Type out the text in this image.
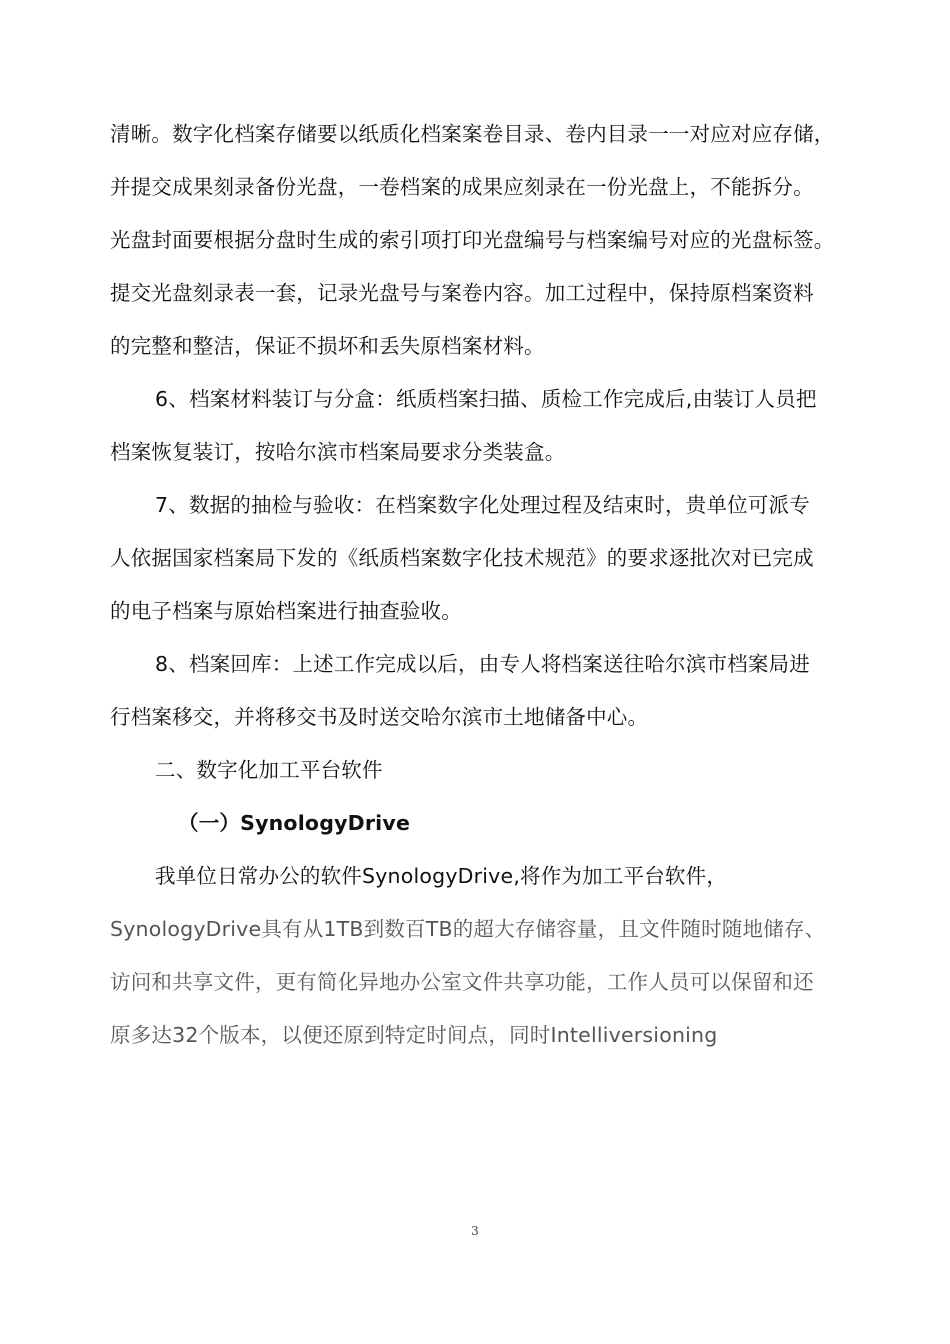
清晰。数字化档案存储要以纸质化档案案卷目录、卷内目录一一对应对应存储，
并提交成果刻录备份光盘，一卷档案的成果应刻录在一份光盘上，不能拆分。
光盘封面要根据分盘时生成的索引项打印光盘编号与档案编号对应的光盘标签。
提交光盘刻录表一套，记录光盘号与案卷内容。加工过程中，保持原档案资料
的完整和整洁，保证不损坏和丢失原档案材料。
6、档案材料装订与分盒：纸质档案扫描、质检工作完成后,由装订人员把
档案恢复装订，按哈尔滨市档案局要求分类装盒。
7、数据的抽检与验收：在档案数字化处理过程及结束时，贵单位可派专
人依据国家档案局下发的《纸质档案数字化技术规范》的要求逐批次对已完成
的电子档案与原始档案进行抽查验收。
8、档案回库：上述工作完成以后，由专人将档案送往哈尔滨市档案局进
行档案移交，并将移交书及时送交哈尔滨市土地储备中心。
二、数字化加工平台软件
（一）SynologyDrive
我单位日常办公的软件SynologyDrive,将作为加工平台软件，
SynologyDrive具有从1TB到数百TB的超大存储容量，且文件随时随地储存、
访问和共享文件，更有简化异地办公室文件共享功能，工作人员可以保留和还
原多达32个版本，以便还原到特定时间点，同时Intelliversioning
3
